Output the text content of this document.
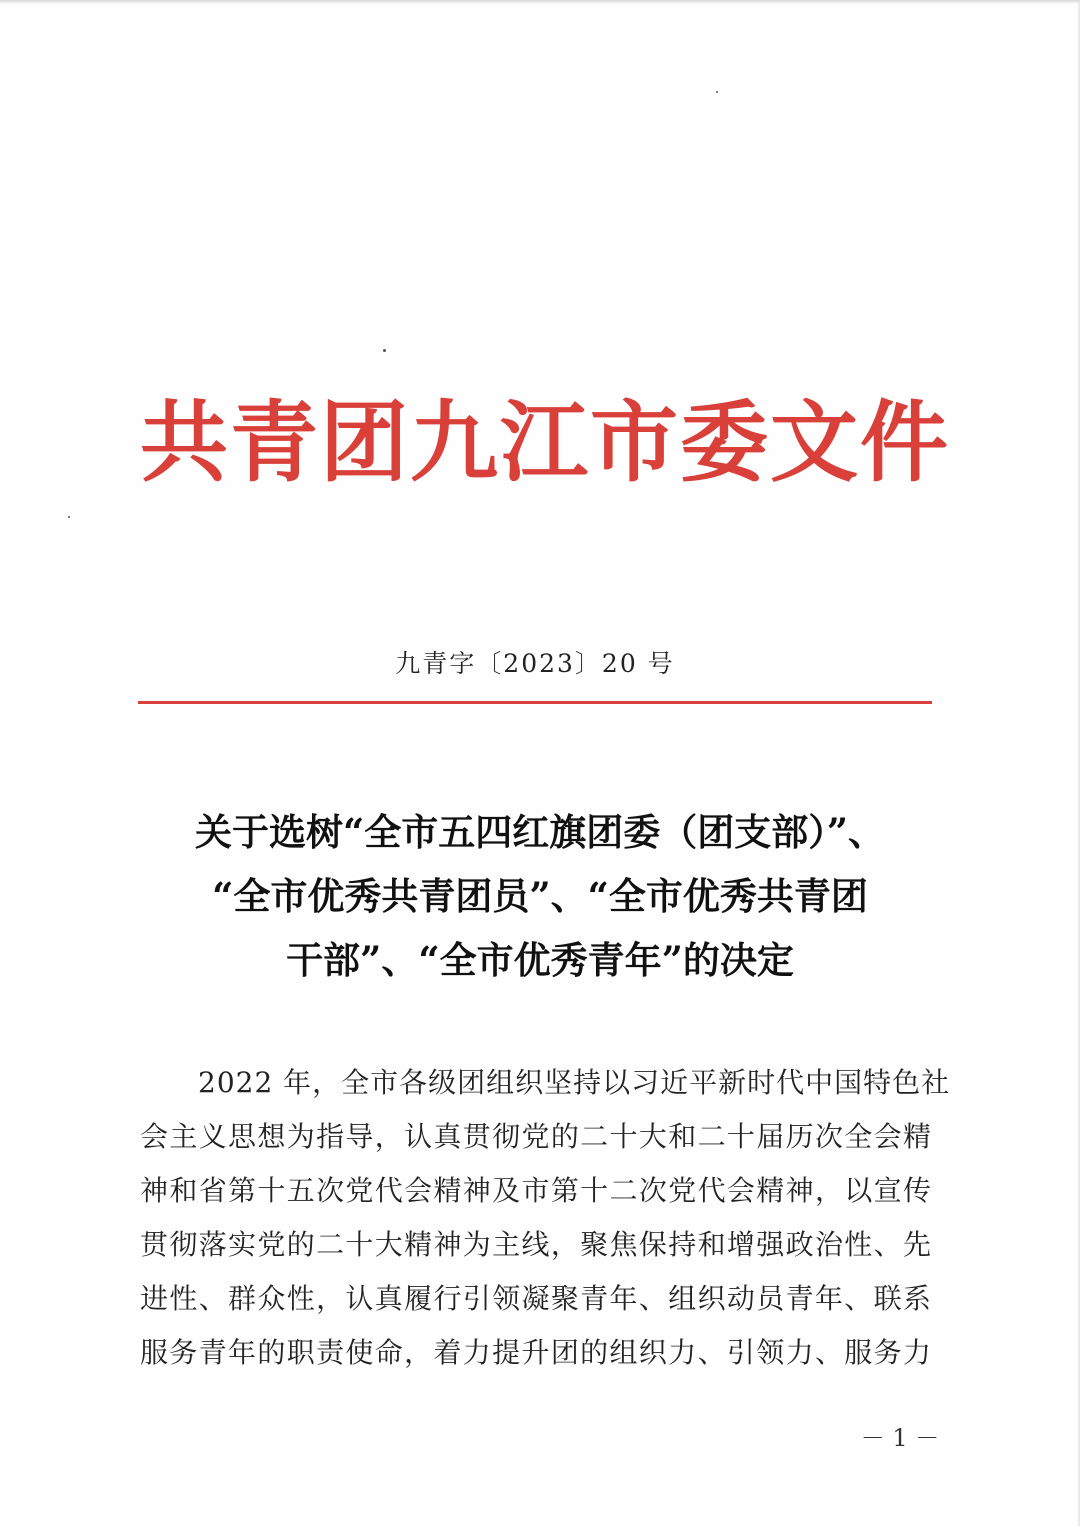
共青团九江市委文件
九青字〔2023〕20 号
关于选树“全市五四红旗团委（团支部）”、
“全市优秀共青团员”、“全市优秀共青团
干部”、“全市优秀青年”的决定
2022 年，全市各级团组织坚持以习近平新时代中国特色社
会主义思想为指导，认真贯彻党的二十大和二十届历次全会精
神和省第十五次党代会精神及市第十二次党代会精神，以宣传
贯彻落实党的二十大精神为主线，聚焦保持和增强政治性、先
进性、群众性，认真履行引领凝聚青年、组织动员青年、联系
服务青年的职责使命，着力提升团的组织力、引领力、服务力
－ 1 －
